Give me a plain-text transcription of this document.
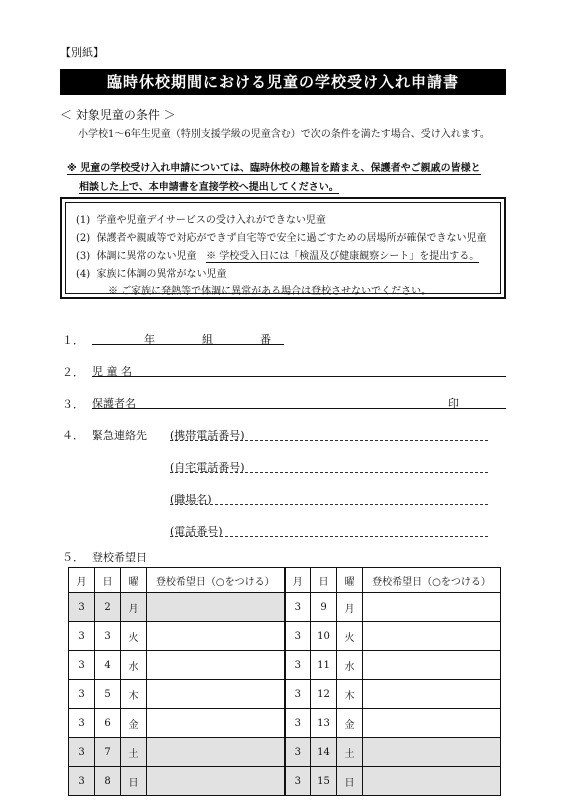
【別紙】
臨時休校期間における児童の学校受け入れ申請書
＜ 対象児童の条件 ＞
小学校1～6年生児童（特別支援学級の児童含む）で次の条件を満たす場合、受け入れます。
※ 児童の学校受け入れ申請については、臨時休校の趣旨を踏まえ、保護者やご親戚の皆様と
相談した上で、本申請書を直接学校へ提出してください。
(1) 学童や児童デイサービスの受け入れができない児童
(2) 保護者や親戚等で対応ができず自宅等で安全に過ごすための居場所が確保できない児童
(3) 体調に異常のない児童 ※ 学校受入日には「検温及び健康観察シート」を提出する。
(4) 家族に体調の異常がない児童
※ ご家族に発熱等で体調に異常がある場合は登校させないでください。
１．	年	組	番
２． 児 童 名
３． 保護者名	印
４． 緊急連絡先 (携帯電話番号)
(自宅電話番号)
(職場名)
(電話番号)
５． 登校希望日
月	日	曜	登校希望日（○をつける）	月	日	曜	登校希望日（○をつける）
3	2	月		3	9	月	
3	3	火		3	10	火	
3	4	水		3	11	水	
3	5	木		3	12	木	
3	6	金		3	13	金	
3	7	土		3	14	土	
3	8	日		3	15	日	
